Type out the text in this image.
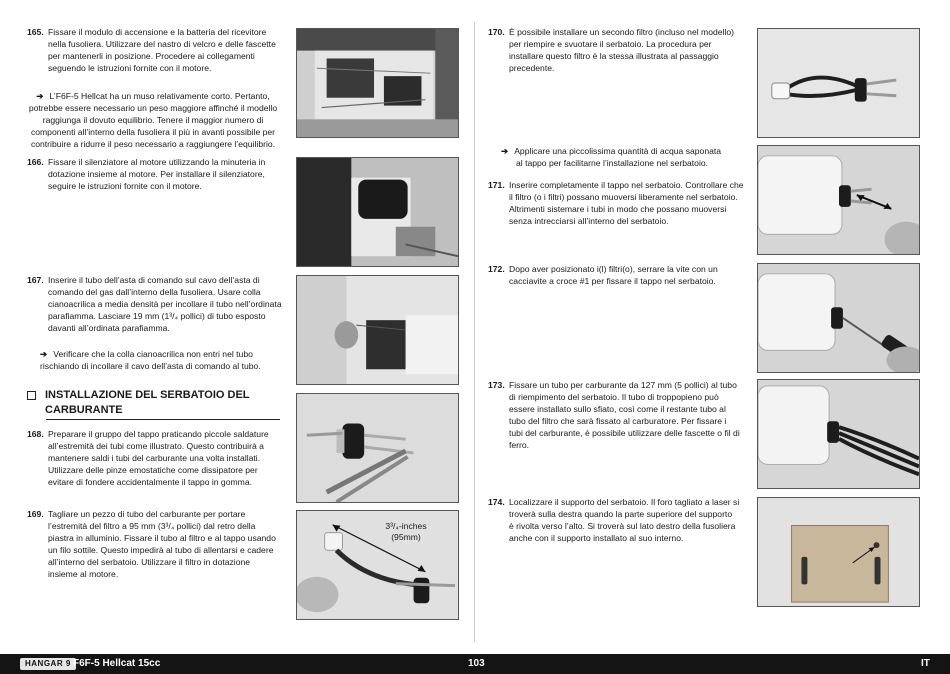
165. Fissare il modulo di accensione e la batteria del ricevitore
nella fusoliera. Utilizzare del nastro di velcro e delle fascette
per mantenerli in posizione. Procedere ai collegamenti
seguendo le istruzioni fornite con il motore.
➔ L’F6F-5 Hellcat ha un muso relativamente corto. Pertanto,
potrebbe essere necessario un peso maggiore affinché il modello
raggiunga il dovuto equilibrio. Tenere il maggior numero di
componenti all’interno della fusoliera il più in avanti possibile per
contribuire a ridurre il peso necessario a raggiungere l’equilibrio.
166. Fissare il silenziatore al motore utilizzando la minuteria in
dotazione insieme al motore. Per installare il silenziatore,
seguire le istruzioni fornite con il motore.
167. Inserire il tubo dell’asta di comando sul cavo dell’asta di
comando del gas dall’interno della fusoliera. Usare colla
cianoacrilica a media densità per incollare il tubo nell’ordinata
parafiamma. Lasciare 19 mm (1³/₄ pollici) di tubo esposto
davanti all’ordinata parafiamma.
➔ Verificare che la colla cianoacrilica non entri nel tubo
rischiando di incollare il cavo dell’asta di comando al tubo.
INSTALLAZIONE DEL SERBATOIO DEL
CARBURANTE
168. Preparare il gruppo del tappo praticando piccole saldature
all’estremità dei tubi come illustrato. Questo contribuirà a
mantenere saldi i tubi del carburante una volta installati.
Utilizzare delle pinze emostatiche come dissipatore per
evitare di fondere accidentalmente il tappo in gomma.
169. Tagliare un pezzo di tubo del carburante per portare
l’estremità del filtro a 95 mm (3³/₄ pollici) dal retro della
piastra in alluminio. Fissare il tubo al filtro e al tappo usando
un filo sottile. Questo impedirà al tubo di allentarsi e cadere
all’interno del serbatoio. Utilizzare il filtro in dotazione
insieme al motore.
3³/₄-inches
(95mm)
170. È possibile installare un secondo filtro (incluso nel modello)
per riempire e svuotare il serbatoio. La procedura per
installare questo filtro è la stessa illustrata al passaggio
precedente.
➔ Applicare una piccolissima quantità di acqua saponata
al tappo per facilitarne l’installazione nel serbatoio.
171. Inserire completamente il tappo nel serbatoio. Controllare che
il filtro (o i filtri) possano muoversi liberamente nel serbatoio.
Altrimenti sistemare i tubi in modo che possano muoversi
senza intrecciarsi all’interno del serbatoio.
172. Dopo aver posizionato i(l) filtri(o), serrare la vite con un
cacciavite a croce #1 per fissare il tappo nel serbatoio.
173. Fissare un tubo per carburante da 127 mm (5 pollici) al tubo
di riempimento del serbatoio. Il tubo di troppopieno può
essere installato sullo sfiato, così come il restante tubo al
tubo del filtro che sarà fissato al carburatore. Per fissare i
tubi del carburante, è possibile utilizzare delle fascette o fil di
ferro.
174. Localizzare il supporto del serbatoio. Il foro tagliato a laser si
troverà sulla destra quando la parte superiore del supporto
è rivolta verso l’alto. Si troverà sul lato destro della fusoliera
anche con il supporto installato al suo interno.
HANGAR 9 F6F-5 Hellcat 15cc	103	IT
